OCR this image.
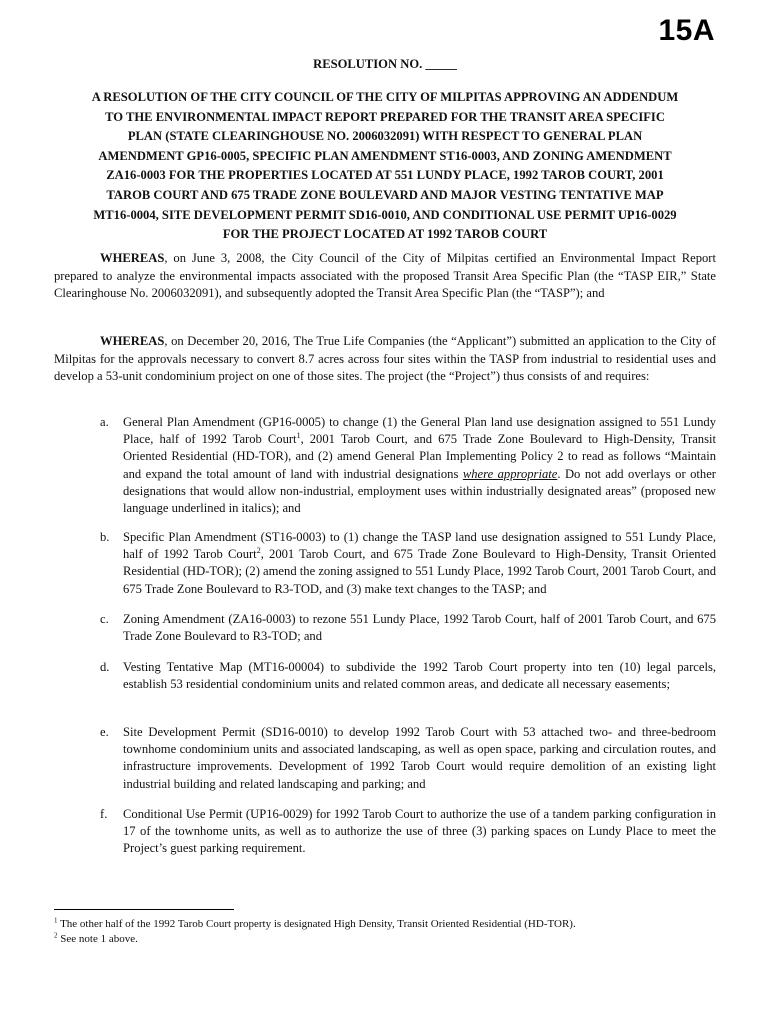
15A
RESOLUTION NO. _____
A RESOLUTION OF THE CITY COUNCIL OF THE CITY OF MILPITAS APPROVING AN ADDENDUM
TO THE ENVIRONMENTAL IMPACT REPORT PREPARED FOR THE TRANSIT AREA SPECIFIC
PLAN (STATE CLEARINGHOUSE NO. 2006032091) WITH RESPECT TO GENERAL PLAN
AMENDMENT GP16-0005, SPECIFIC PLAN AMENDMENT ST16-0003, AND ZONING AMENDMENT
ZA16-0003 FOR THE PROPERTIES LOCATED AT 551 LUNDY PLACE, 1992 TAROB COURT, 2001
TAROB COURT AND 675 TRADE ZONE BOULEVARD AND MAJOR VESTING TENTATIVE MAP
MT16-0004, SITE DEVELOPMENT PERMIT SD16-0010, AND CONDITIONAL USE PERMIT UP16-0029
FOR THE PROJECT LOCATED AT 1992 TAROB COURT
WHEREAS, on June 3, 2008, the City Council of the City of Milpitas certified an Environmental Impact Report prepared to analyze the environmental impacts associated with the proposed Transit Area Specific Plan (the “TASP EIR,” State Clearinghouse No. 2006032091), and subsequently adopted the Transit Area Specific Plan (the “TASP”); and
WHEREAS, on December 20, 2016, The True Life Companies (the “Applicant”) submitted an application to the City of Milpitas for the approvals necessary to convert 8.7 acres across four sites within the TASP from industrial to residential uses and develop a 53-unit condominium project on one of those sites. The project (the “Project”) thus consists of and requires:
a.	General Plan Amendment (GP16-0005) to change (1) the General Plan land use designation assigned to 551 Lundy Place, half of 1992 Tarob Court$^1$, 2001 Tarob Court, and 675 Trade Zone Boulevard to High-Density, Transit Oriented Residential (HD-TOR), and (2) amend General Plan Implementing Policy 2 to read as follows “Maintain and expand the total amount of land with industrial designations where appropriate. Do not add overlays or other designations that would allow non-industrial, employment uses within industrially designated areas” (proposed new language underlined in italics); and
b.	Specific Plan Amendment (ST16-0003) to (1) change the TASP land use designation assigned to 551 Lundy Place, half of 1992 Tarob Court$^2$, 2001 Tarob Court, and 675 Trade Zone Boulevard to High-Density, Transit Oriented Residential (HD-TOR); (2) amend the zoning assigned to 551 Lundy Place, 1992 Tarob Court, 2001 Tarob Court, and 675 Trade Zone Boulevard to R3-TOD, and (3) make text changes to the TASP; and
c.	Zoning Amendment (ZA16-0003) to rezone 551 Lundy Place, 1992 Tarob Court, half of 2001 Tarob Court, and 675 Trade Zone Boulevard to R3-TOD; and
d.	Vesting Tentative Map (MT16-00004) to subdivide the 1992 Tarob Court property into ten (10) legal parcels, establish 53 residential condominium units and related common areas, and dedicate all necessary easements;
e.	Site Development Permit (SD16-0010) to develop 1992 Tarob Court with 53 attached two- and three-bedroom townhome condominium units and associated landscaping, as well as open space, parking and circulation routes, and infrastructure improvements. Development of 1992 Tarob Court would require demolition of an existing light industrial building and related landscaping and parking; and
f.	Conditional Use Permit (UP16-0029) for 1992 Tarob Court to authorize the use of a tandem parking configuration in 17 of the townhome units, as well as to authorize the use of three (3) parking spaces on Lundy Place to meet the Project’s guest parking requirement.
$^1$ The other half of the 1992 Tarob Court property is designated High Density, Transit Oriented Residential (HD-TOR).
$^2$ See note 1 above.
